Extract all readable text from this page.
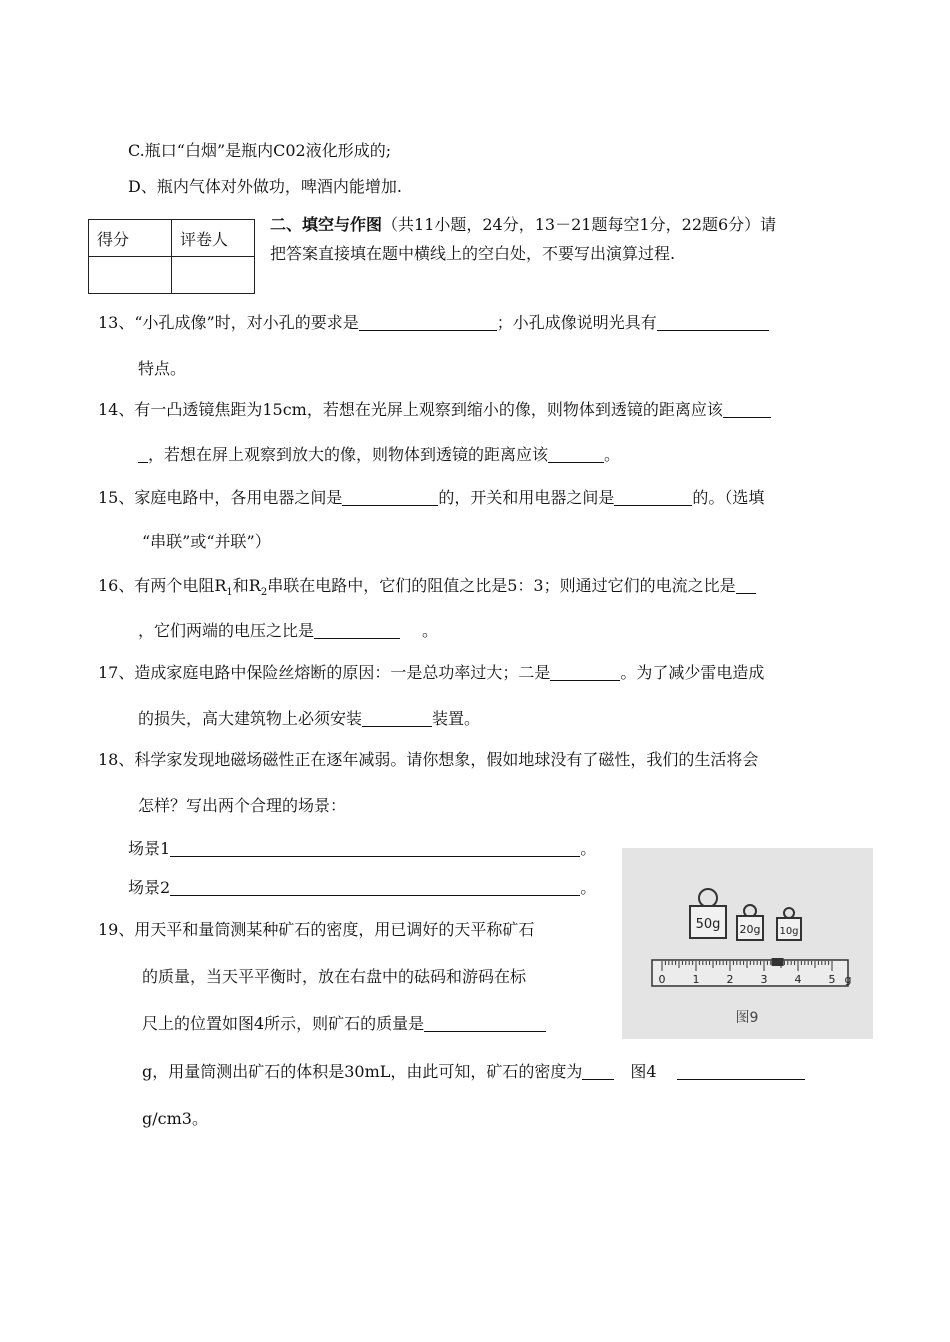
C.瓶口“白烟”是瓶内C02液化形成的;
D、瓶内气体对外做功，啤酒内能增加.
得分	评卷人

二、填空与作图（共11小题，24分，13－21题每空1分，22题6分）请
把答案直接填在题中横线上的空白处，不要写出演算过程.
13、“小孔成像”时，对小孔的要求是	；小孔成像说明光具有
特点。
14、有一凸透镜焦距为15cm，若想在光屏上观察到缩小的像，则物体到透镜的距离应该
，若想在屏上观察到放大的像，则物体到透镜的距离应该	。
15、家庭电路中，各用电器之间是	的，开关和用电器之间是	的。（选填
“串联”或“并联”）
16、有两个电阻$R_1$和$R_2$串联在电路中，它们的阻值之比是5：3；则通过它们的电流之比是
，它们两端的电压之比是	。
17、造成家庭电路中保险丝熔断的原因：一是总功率过大；二是	。为了减少雷电造成
的损失，高大建筑物上必须安装	装置。
18、科学家发现地磁场磁性正在逐年减弱。请你想象，假如地球没有了磁性，我们的生活将会
怎样？写出两个合理的场景：
场景1	。
场景2	。
19、用天平和量筒测某种矿石的密度，用已调好的天平称矿石
的质量，当天平平衡时，放在右盘中的砝码和游码在标
尺上的位置如图4所示，则矿石的质量是
g，用量筒测出矿石的体积是30mL，由此可知，矿石的密度为	图4
g/cm3。
50g 20g 10g
0 1 2 3 4 5 g
图9
